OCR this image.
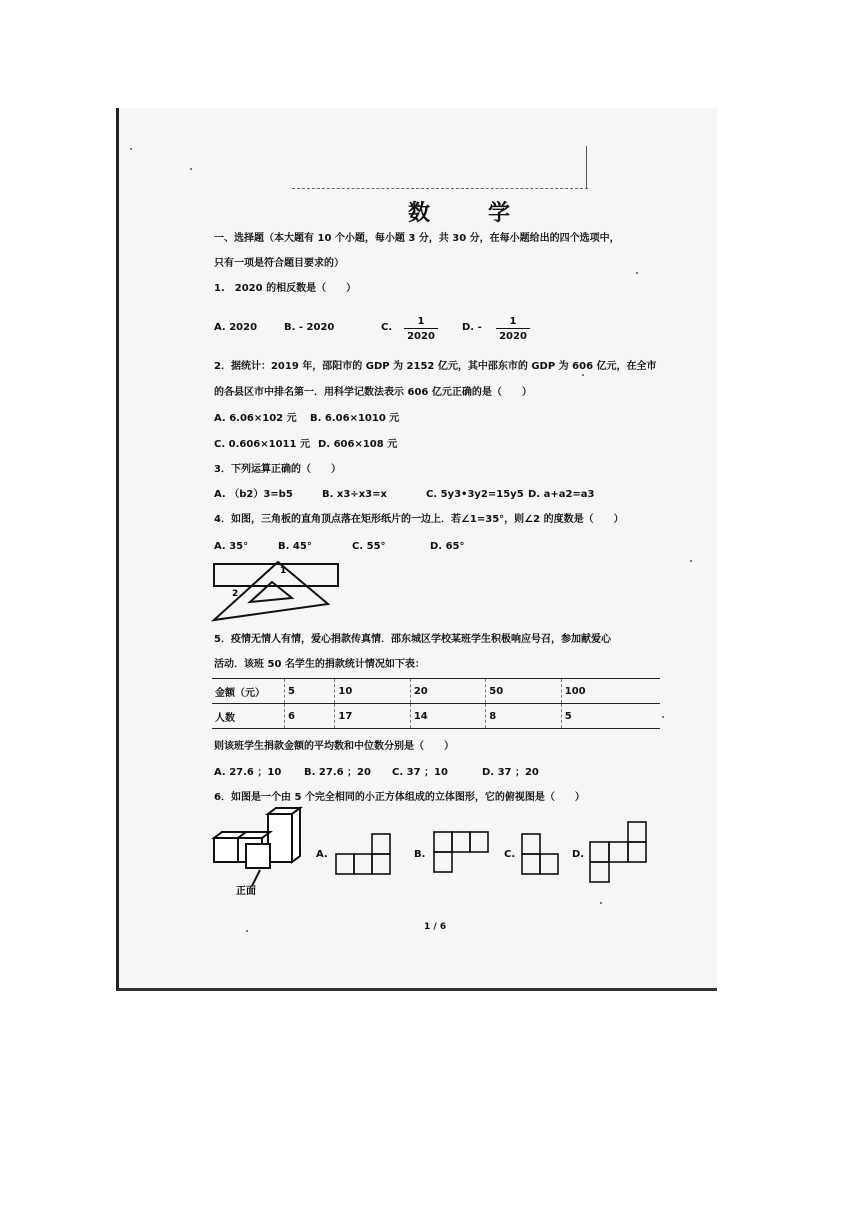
数　学
一、选择题（本大题有 10 个小题，每小题 3 分，共 30 分，在每小题给出的四个选项中，
只有一项是符合题目要求的）
1.　2020 的相反数是（　　）
A. 2020	B. - 2020	C.
1
2020
D. -
1
2020
2．据统计：2019 年，邵阳市的 GDP 为 2152 亿元，其中邵东市的 GDP 为 606 亿元，在全市
的各县区市中排名第一．用科学记数法表示 606 亿元正确的是（　　）
A. 6.06×102 元 B. 6.06×1010 元
C. 0.606×1011 元 D. 606×108 元
3．下列运算正确的（　　）
A. （b2）3=b5	B. x3÷x3=x	C. 5y3•3y2=15y5 D. a+a2=a3
4．如图，三角板的直角顶点落在矩形纸片的一边上．若∠1=35°，则∠2 的度数是（　　）
A. 35°	B. 45°	C. 55°	D. 65°
1
2
5．疫情无情人有情，爱心捐款传真情．邵东城区学校某班学生积极响应号召，参加献爱心
活动．该班 50 名学生的捐款统计情况如下表：
金额（元）	5	10	20	50	100
人数	6	17	14	8	5
则该班学生捐款金额的平均数和中位数分别是（　　）
A. 27.6 ；10 B. 27.6 ；20 C. 37 ；10	D. 37 ；20
6．如图是一个由 5 个完全相同的小正方体组成的立体图形，它的俯视图是（　　）
正面
A.	B.	C.	D.
1 / 6
